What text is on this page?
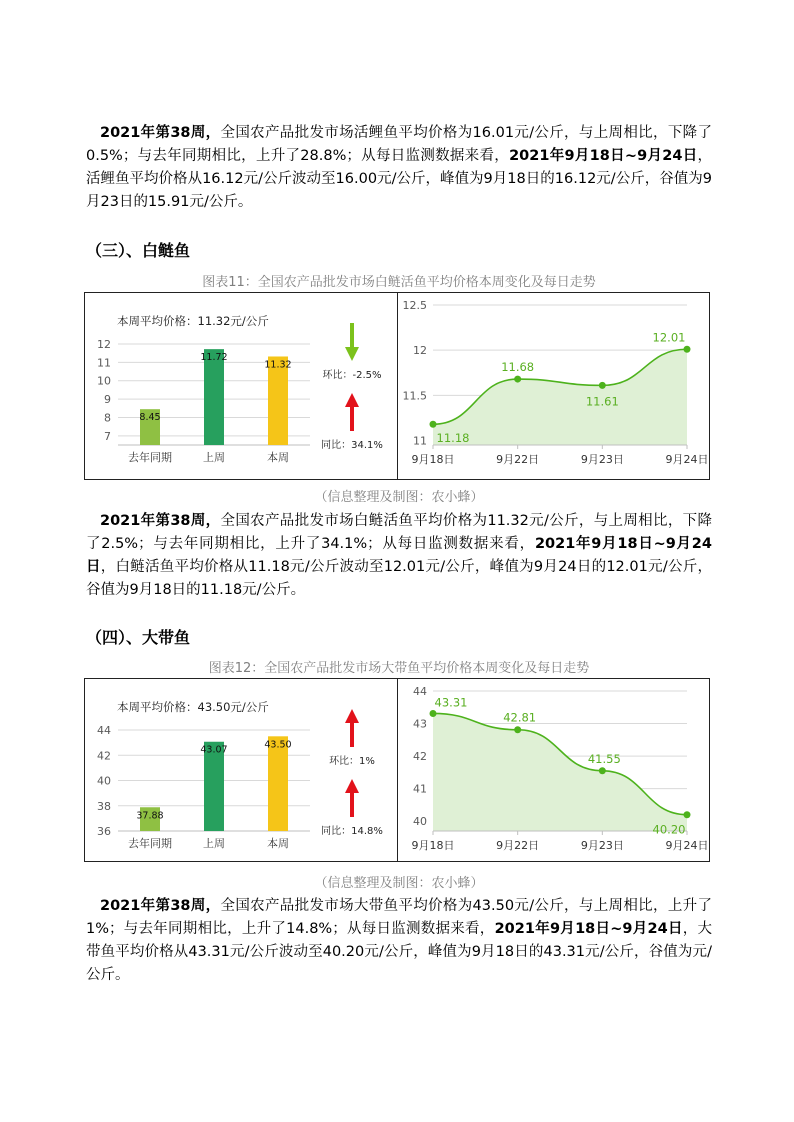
2021年第38周，全国农产品批发市场活鲤鱼平均价格为16.01元/公斤，与上周相比，下降了0.5%；与去年同期相比，上升了28.8%；从每日监测数据来看，2021年9月18日~9月24日，活鲤鱼平均价格从16.12元/公斤波动至16.00元/公斤，峰值为9月18日的16.12元/公斤，谷值为9月23日的15.91元/公斤。
（三）、白鲢鱼
图表11：全国农产品批发市场白鲢活鱼平均价格本周变化及每日走势
本周平均价格：11.32元/公斤
7
8
9
10
11
12
8.45
去年同期
11.72
上周
11.32
本周
环比：-2.5%
同比：34.1%	11
11.5
12
12.5
11.18
9月18日
11.68
9月22日
11.61
9月23日
12.01
9月24日
（信息整理及制图：农小蜂）
2021年第38周，全国农产品批发市场白鲢活鱼平均价格为11.32元/公斤，与上周相比，下降了2.5%；与去年同期相比，上升了34.1%；从每日监测数据来看，2021年9月18日~9月24日，白鲢活鱼平均价格从11.18元/公斤波动至12.01元/公斤，峰值为9月24日的12.01元/公斤，谷值为9月18日的11.18元/公斤。
（四）、大带鱼
图表12：全国农产品批发市场大带鱼平均价格本周变化及每日走势
本周平均价格：43.50元/公斤
36
38
40
42
44
37.88
去年同期
43.07
上周
43.50
本周
环比：1%
同比：14.8%
40
41
42
43
44
43.31
9月18日
42.81
9月22日
41.55
9月23日
40.20
9月24日
（信息整理及制图：农小蜂）
2021年第38周，全国农产品批发市场大带鱼平均价格为43.50元/公斤，与上周相比，上升了1%；与去年同期相比，上升了14.8%；从每日监测数据来看，2021年9月18日~9月24日，大带鱼平均价格从43.31元/公斤波动至40.20元/公斤，峰值为9月18日的43.31元/公斤，谷值为元/公斤。
